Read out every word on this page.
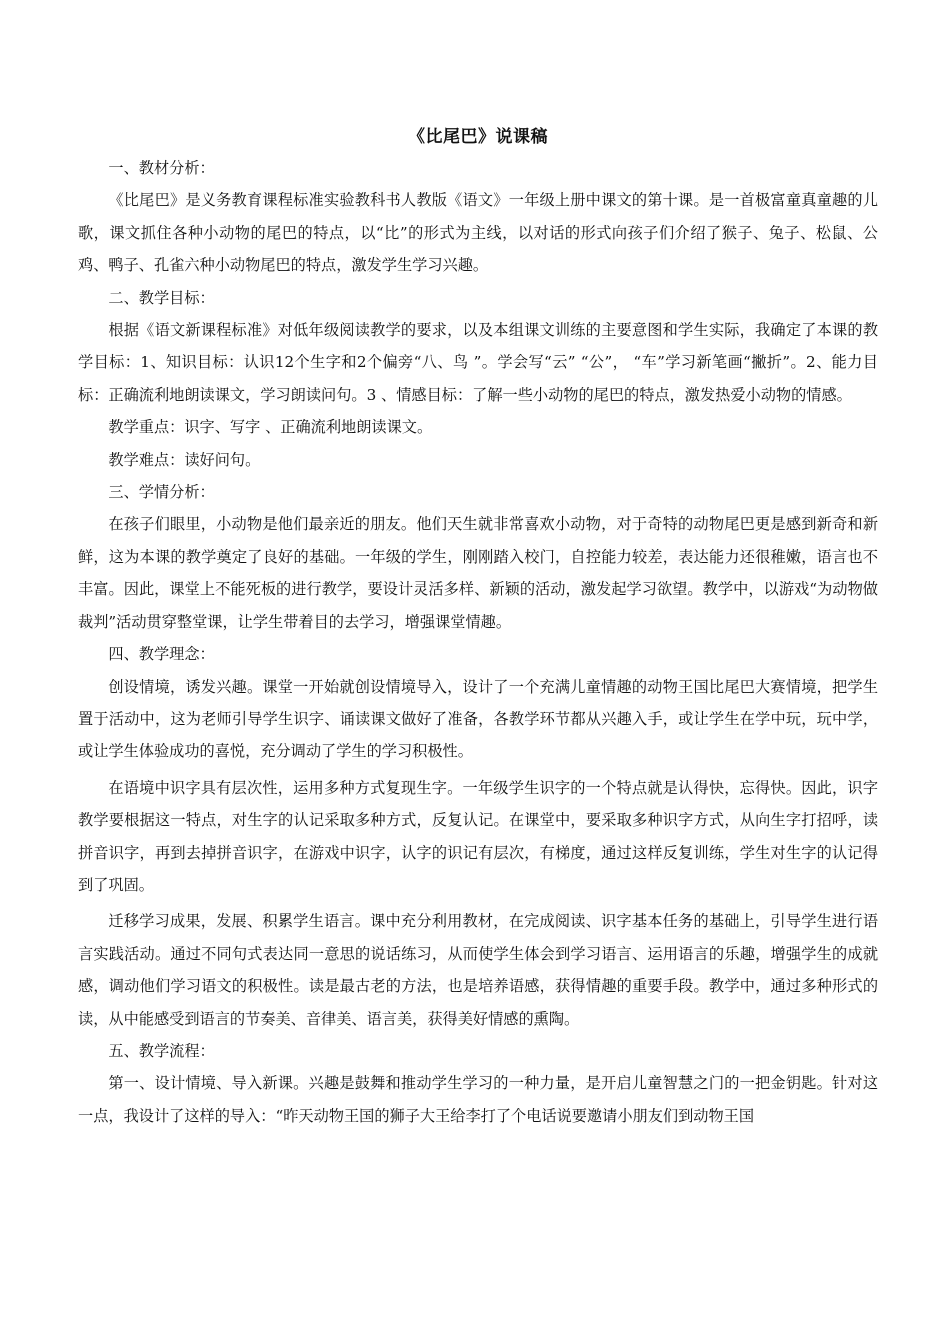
《比尾巴》说课稿

一、教材分析：

《比尾巴》是义务教育课程标准实验教科书人教版《语文》一年级上册中课文的第十课。是一首极富童真童趣的儿歌，课文抓住各种小动物的尾巴的特点，以“比”的形式为主线，以对话的形式向孩子们介绍了猴子、兔子、松鼠、公鸡、鸭子、孔雀六种小动物尾巴的特点，激发学生学习兴趣。

二、教学目标：

根据《语文新课程标准》对低年级阅读教学的要求，以及本组课文训练的主要意图和学生实际，我确定了本课的教学目标：1、知识目标：认识12个生字和2个偏旁“八、鸟 ”。学会写“云” “公”， “车”学习新笔画“撇折”。2、能力目标：正确流利地朗读课文，学习朗读问句。3 、情感目标：了解一些小动物的尾巴的特点，激发热爱小动物的情感。

教学重点：识字、写字 、正确流利地朗读课文。

教学难点：读好问句。

三、学情分析：

在孩子们眼里，小动物是他们最亲近的朋友。他们天生就非常喜欢小动物，对于奇特的动物尾巴更是感到新奇和新鲜，这为本课的教学奠定了良好的基础。一年级的学生，刚刚踏入校门，自控能力较差，表达能力还很稚嫩，语言也不丰富。因此，课堂上不能死板的进行教学，要设计灵活多样、新颖的活动，激发起学习欲望。教学中，以游戏“为动物做裁判”活动贯穿整堂课，让学生带着目的去学习，增强课堂情趣。

四、教学理念：

创设情境，诱发兴趣。课堂一开始就创设情境导入，设计了一个充满儿童情趣的动物王国比尾巴大赛情境，把学生置于活动中，这为老师引导学生识字、诵读课文做好了准备，各教学环节都从兴趣入手，或让学生在学中玩，玩中学，或让学生体验成功的喜悦，充分调动了学生的学习积极性。

在语境中识字具有层次性，运用多种方式复现生字。一年级学生识字的一个特点就是认得快，忘得快。因此，识字教学要根据这一特点，对生字的认记采取多种方式，反复认记。在课堂中，要采取多种识字方式，从向生字打招呼，读拼音识字，再到去掉拼音识字，在游戏中识字，认字的识记有层次，有梯度，通过这样反复训练，学生对生字的认记得到了巩固。

迁移学习成果，发展、积累学生语言。课中充分利用教材，在完成阅读、识字基本任务的基础上，引导学生进行语言实践活动。通过不同句式表达同一意思的说话练习，从而使学生体会到学习语言、运用语言的乐趣，增强学生的成就感，调动他们学习语文的积极性。读是最古老的方法，也是培养语感，获得情趣的重要手段。教学中，通过多种形式的读，从中能感受到语言的节奏美、音律美、语言美，获得美好情感的熏陶。

五、教学流程：

第一、设计情境、导入新课。兴趣是鼓舞和推动学生学习的一种力量，是开启儿童智慧之门的一把金钥匙。针对这一点，我设计了这样的导入：“昨天动物王国的狮子大王给李打了个电话说要邀请小朋友们到动物王国
